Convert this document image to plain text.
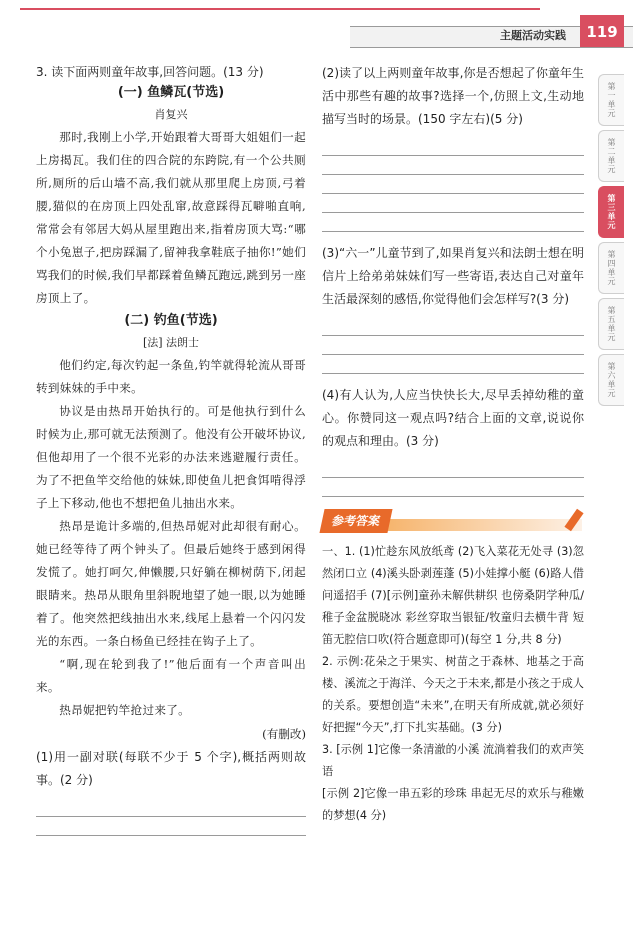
主题活动实践	119
第一单元
第二单元
第三单元
第四单元
第五单元
第六单元

3. 读下面两则童年故事,回答问题。(13 分)

(一) 鱼鳞瓦(节选)

肖复兴

那时,我刚上小学,开始跟着大哥哥大姐姐们一起上房揭瓦。我们住的四合院的东跨院,有一个公共厕所,厕所的后山墙不高,我们就从那里爬上房顶,弓着腰,猫似的在房顶上四处乱窜,故意踩得瓦噼啪直响,常常会有邻居大妈从屋里跑出来,指着房顶大骂:“哪个小兔崽子,把房踩漏了,留神我拿鞋底子抽你!”她们骂我们的时候,我们早都踩着鱼鳞瓦跑远,跳到另一座房顶上了。

(二) 钓鱼(节选)

[法] 法朗士

他们约定,每次钓起一条鱼,钓竿就得轮流从哥哥转到妹妹的手中来。

协议是由热昂开始执行的。可是他执行到什么时候为止,那可就无法预测了。他没有公开破坏协议,但他却用了一个很不光彩的办法来逃避履行责任。为了不把鱼竿交给他的妹妹,即使鱼儿把食饵啃得浮子上下移动,他也不想把鱼儿抽出水来。

热昂是诡计多端的,但热昂妮对此却很有耐心。她已经等待了两个钟头了。但最后她终于感到闲得发慌了。她打呵欠,伸懒腰,只好躺在柳树荫下,闭起眼睛来。热昂从眼角里斜睨地望了她一眼,以为她睡着了。他突然把线抽出水来,线尾上悬着一个闪闪发光的东西。一条白杨鱼已经挂在钩子上了。

“啊,现在轮到我了!”他后面有一个声音叫出来。

热昂妮把钓竿抢过来了。

(有删改)

(1)用一副对联(每联不少于 5 个字),概括两则故事。(2 分)

(2)读了以上两则童年故事,你是否想起了你童年生活中那些有趣的故事?选择一个,仿照上文,生动地描写当时的场景。(150 字左右)(5 分)

(3)“六一”儿童节到了,如果肖复兴和法朗士想在明信片上给弟弟妹妹们写一些寄语,表达自己对童年生活最深刻的感悟,你觉得他们会怎样写?(3 分)

(4)有人认为,人应当快快长大,尽早丢掉幼稚的童心。你赞同这一观点吗?结合上面的文章,说说你的观点和理由。(3 分)

参考答案

一、1. (1)忙趁东风放纸鸢 (2)飞入菜花无处寻 (3)忽然闭口立 (4)溪头卧剥莲蓬 (5)小娃撑小艇 (6)路人借问遥招手 (7)[示例]童孙未解供耕织 也傍桑阴学种瓜/稚子金盆脱晓冰 彩丝穿取当银钲/牧童归去横牛背 短笛无腔信口吹(符合题意即可)(每空 1 分,共 8 分)

2. 示例:花朵之于果实、树苗之于森林、地基之于高楼、溪流之于海洋、今天之于未来,都是小孩之于成人的关系。要想创造“未来”,在明天有所成就,就必须好好把握“今天”,打下扎实基础。(3 分)

3. [示例 1]它像一条清澈的小溪 流淌着我们的欢声笑语

[示例 2]它像一串五彩的珍珠 串起无尽的欢乐与稚嫩的梦想(4 分)
